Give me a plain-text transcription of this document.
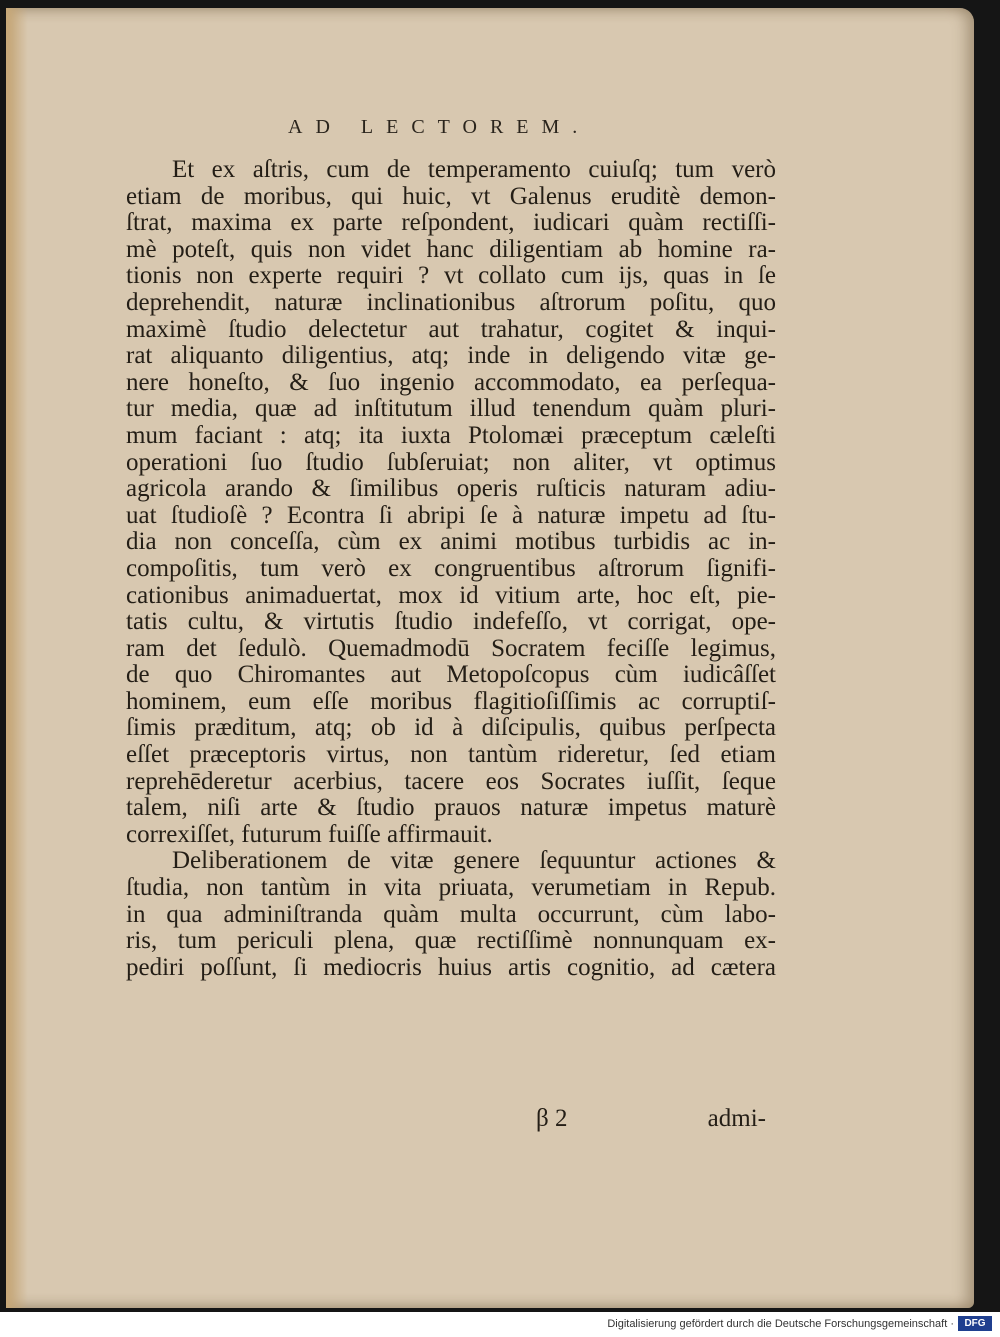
AD LECTOREM.
Et ex aſtris, cum de temperamento cuiuſq; tum verò
etiam de moribus, qui huic, vt Galenus eruditè demon-
ſtrat, maxima ex parte reſpondent, iudicari quàm rectiſſi-
mè poteſt, quis non videt hanc diligentiam ab homine ra-
tionis non experte requiri ? vt collato cum ijs, quas in ſe
deprehendit, naturæ inclinationibus aſtrorum poſitu, quo
maximè ſtudio delectetur aut trahatur, cogitet & inqui-
rat aliquanto diligentius, atq; inde in deligendo vitæ ge-
nere honeſto, & ſuo ingenio accommodato, ea perſequa-
tur media, quæ ad inſtitutum illud tenendum quàm pluri-
mum faciant : atq; ita iuxta Ptolomæi præceptum cæleſti
operationi ſuo ſtudio ſubſeruiat; non aliter, vt optimus
agricola arando & ſimilibus operis ruſticis naturam adiu-
uat ſtudioſè ? Econtra ſi abripi ſe à naturæ impetu ad ſtu-
dia non conceſſa, cùm ex animi motibus turbidis ac in-
compoſitis, tum verò ex congruentibus aſtrorum ſignifi-
cationibus animaduertat, mox id vitium arte, hoc eſt, pie-
tatis cultu, & virtutis ſtudio indefeſſo, vt corrigat, ope-
ram det ſedulò. Quemadmodū Socratem feciſſe legimus,
de quo Chiromantes aut Metopoſcopus cùm iudicâſſet
hominem, eum eſſe moribus flagitioſiſſimis ac corruptiſ-
ſimis præditum, atq; ob id à diſcipulis, quibus perſpecta
eſſet præceptoris virtus, non tantùm rideretur, ſed etiam
reprehēderetur acerbius, tacere eos Socrates iuſſit, ſeque
talem, niſi arte & ſtudio prauos naturæ impetus maturè
correxiſſet, futurum fuiſſe affirmauit.
Deliberationem de vitæ genere ſequuntur actiones &
ſtudia, non tantùm in vita priuata, verumetiam in Repub.
in qua adminiſtranda quàm multa occurrunt, cùm labo-
ris, tum periculi plena, quæ rectiſſimè nonnunquam ex-
pediri poſſunt, ſi mediocris huius artis cognitio, ad cætera
β 2	admi-
Digitalisierung gefördert durch die Deutsche Forschungsgemeinschaft ·	DFG
